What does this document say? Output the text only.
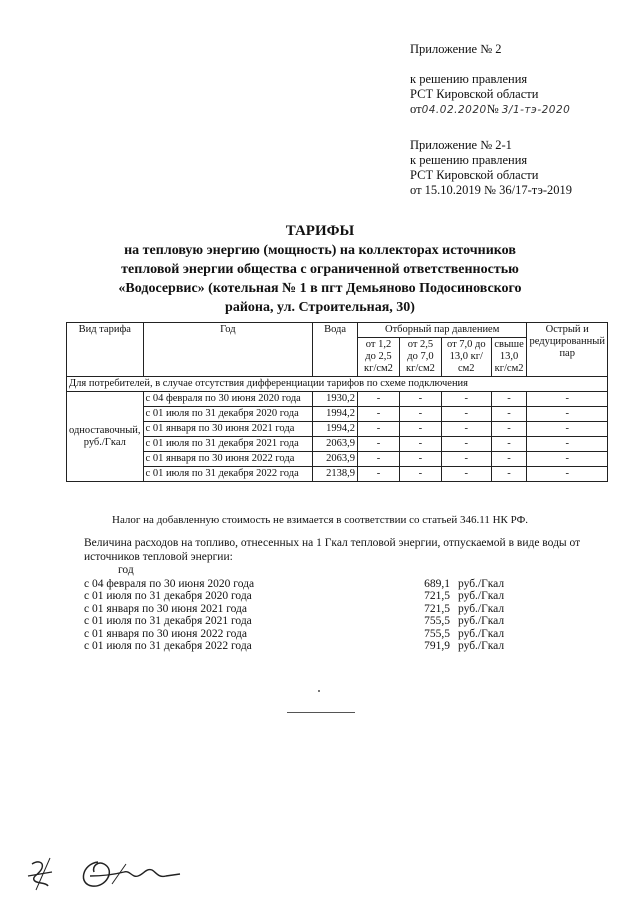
Приложение № 2
к решению правления
РСТ Кировской области
от04.02.2020№ 3/1-тэ-2020
Приложение № 2-1
к решению правления
РСТ Кировской области
от 15.10.2019 № 36/17-тэ-2019
ТАРИФЫ
на тепловую энергию (мощность) на коллекторах источников
тепловой энергии общества с ограниченной ответственностью
«Водосервис» (котельная № 1 в пгт Демьяново Подосиновского
района, ул. Строительная, 30)
Вид тарифа	Год	Вода	Отборный пар давлением				Острый и редуцированный пар
			от 1,2 до 2,5 кг/см2	от 2,5 до 7,0 кг/см2	от 7,0 до 13,0 кг/см2	свыше 13,0 кг/см2	
Для потребителей, в случае отсутствия дифференциации тарифов по схеме подключения							
одноставочный, руб./Гкал	с 04 февраля по 30 июня 2020 года	1930,2	-	-	-	-	-
	с 01 июля по 31 декабря 2020 года	1994,2	-	-	-	-	-
	с 01 января по 30 июня 2021 года	1994,2	-	-	-	-	-
	с 01 июля по 31 декабря 2021 года	2063,9	-	-	-	-	-
	с 01 января по 30 июня 2022 года	2063,9	-	-	-	-	-
	с 01 июля по 31 декабря 2022 года	2138,9	-	-	-	-	-
Налог на добавленную стоимость не взимается в соответствии со статьей 346.11 НК РФ.
Величина расходов на топливо, отнесенных на 1 Гкал тепловой энергии, отпускаемой в виде воды от источников тепловой энергии:
год
с 04 февраля по 30 июня 2020 года	689,1 руб./Гкал
с 01 июля по 31 декабря 2020 года	721,5 руб./Гкал
с 01 января по 30 июня 2021 года	721,5 руб./Гкал
с 01 июля по 31 декабря 2021 года	755,5 руб./Гкал
с 01 января по 30 июня 2022 года	755,5 руб./Гкал
с 01 июля по 31 декабря 2022 года	791,9 руб./Гкал
